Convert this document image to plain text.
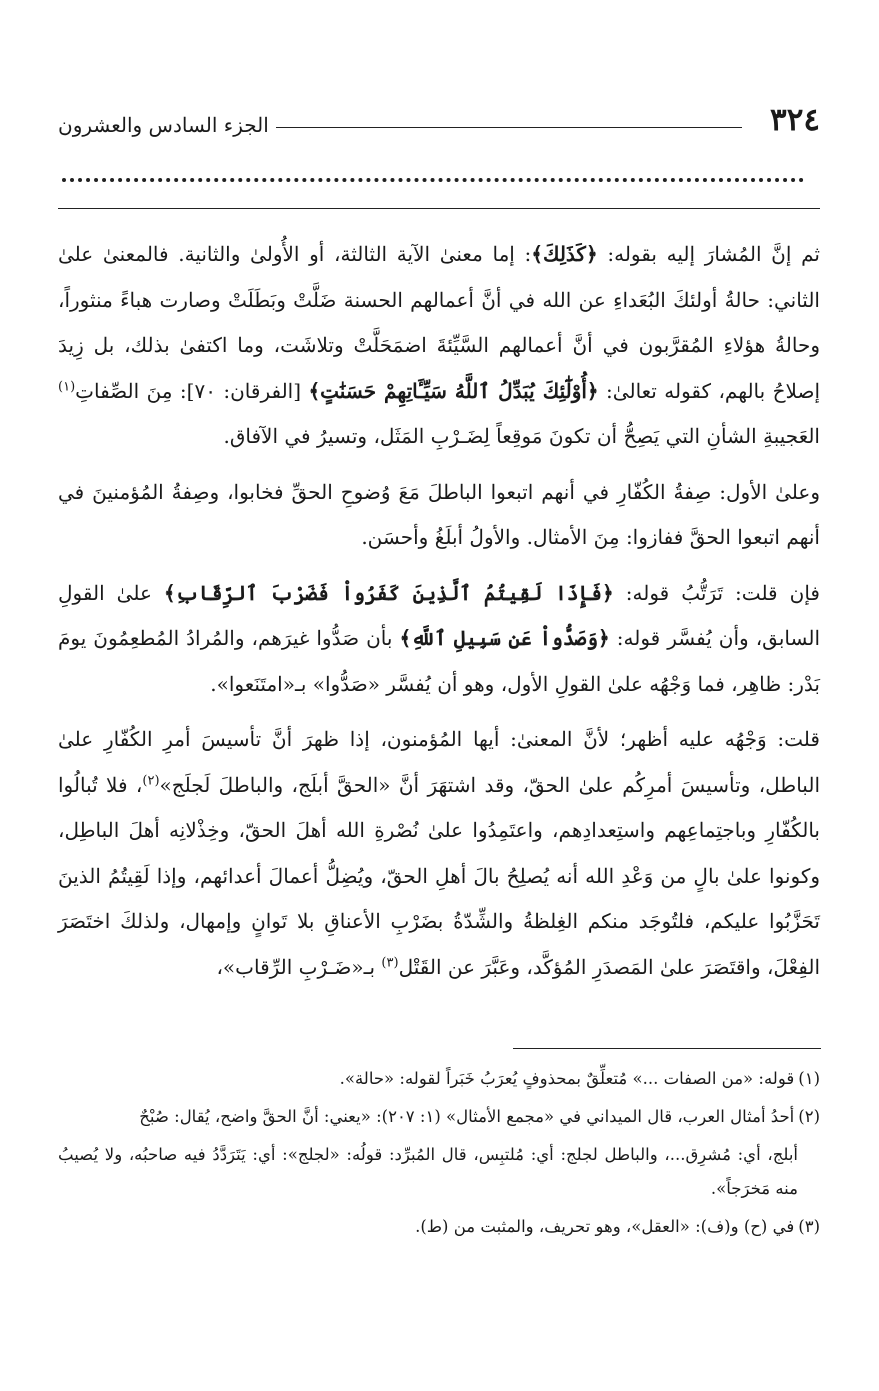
٣٢٤
الجزء السادس والعشرون

ثم إنَّ المُشارَ إليه بقوله: ﴿كَذَلِكَ﴾: إما معنىٰ الآية الثالثة، أو الأُولىٰ والثانية. فالمعنىٰ علىٰ الثاني: حالةُ أولئكَ البُعَداءِ عن الله في أنَّ أعمالهم الحسنة ضَلَّتْ وبَطَلَتْ وصارت هباءً منثوراً، وحالةُ هؤلاءِ المُقرَّبون في أنَّ أعمالهم السَّيِّئةَ اضمَحَلَّتْ وتلاشَت، وما اكتفىٰ بذلك، بل زِيدَ إصلاحُ بالهم، كقوله تعالىٰ: ﴿أُوْلَٰٓئِكَ يُبَدِّلُ ٱللَّهُ سَيِّـَٔاتِهِمْ حَسَنَٰتٍ﴾ [الفرقان: ٧٠]: مِنَ الصِّفاتِ$^{(١)}$ العَجيبةِ الشأنِ التي يَصِحُّ أن تكونَ مَوقِعاً لِضَـرْبِ المَثَل، وتسيرُ في الآفاق.

وعلىٰ الأول: صِفةُ الكُفّارِ في أنهم اتبعوا الباطلَ مَعَ وُضوحِ الحقِّ فخابوا، وصِفةُ المُؤمنينَ في أنهم اتبعوا الحقَّ ففازوا: مِنَ الأمثال. والأولُ أبلَغُ وأحسَن.

فإن قلت: تَرَتُّبُ قوله: ﴿فَإِذَا لَقِيتُمُ ٱلَّذِينَ كَفَرُواْ فَضَرْبَ ٱلرِّقَابِ﴾ علىٰ القولِ السابق، وأن يُفسَّر قوله: ﴿وَصَدُّواْ عَن سَبِيلِ ٱللَّهِ﴾ بأن صَدُّوا غيرَهم، والمُرادُ المُطعِمُونَ يومَ بَدْر: ظاهِر، فما وَجْهُه علىٰ القولِ الأول، وهو أن يُفسَّر «صَدُّوا» بـ«امتَنَعوا».

قلت: وَجْهُه عليه أظهر؛ لأنَّ المعنىٰ: أيها المُؤمنون، إذا ظهرَ أنَّ تأسيسَ أمرِ الكُفّارِ علىٰ الباطل، وتأسيسَ أمرِكُم علىٰ الحقّ، وقد اشتهَرَ أنَّ «الحقَّ أبلَج، والباطلَ لَجلَج»$^{(٢)}$، فلا تُبالُوا بالكُفّارِ وباجتِماعِهم واستِعدادِهم، واعتَمِدُوا علىٰ نُصْرةِ الله أهلَ الحقّ، وخِذْلانِه أهلَ الباطِل، وكونوا علىٰ بالٍ من وَعْدِ الله أنه يُصلِحُ بالَ أهلِ الحقّ، ويُضِلُّ أعمالَ أعدائهم، وإذا لَقِيتُمُ الذينَ تَحَزَّبُوا عليكم، فلتُوجَد منكم الغِلظةُ والشِّدّةُ بضَرْبِ الأعناقِ بلا تَوانٍ وإمهال، ولذلكَ اختَصَرَ الفِعْلَ، واقتَصَرَ علىٰ المَصدَرِ المُؤكَّد، وعَبَّرَ عن القَتْل$^{(٣)}$ بـ«ضَـرْبِ الرِّقاب»،

(١)قوله: «من الصفات ...» مُتعلِّقٌ بمحذوفٍ يُعرَبُ خَبَراً لقوله: «حالة».

(٢)أحدُ أمثال العرب، قال الميداني في «مجمع الأمثال» (١: ٢٠٧): «يعني: أنَّ الحقَّ واضح، يُقال: صُبْحٌ

أبلج، أي: مُشرِق...، والباطل لجلج: أي: مُلتبِس، قال المُبرِّد: قولُه: «لجلج»: أي: يَتَرَدَّدُ فيه صاحبُه، ولا يُصيبُ منه مَخرَجاً».

(٣)في (ح) و(ف): «العقل»، وهو تحريف، والمثبت من (ط).
